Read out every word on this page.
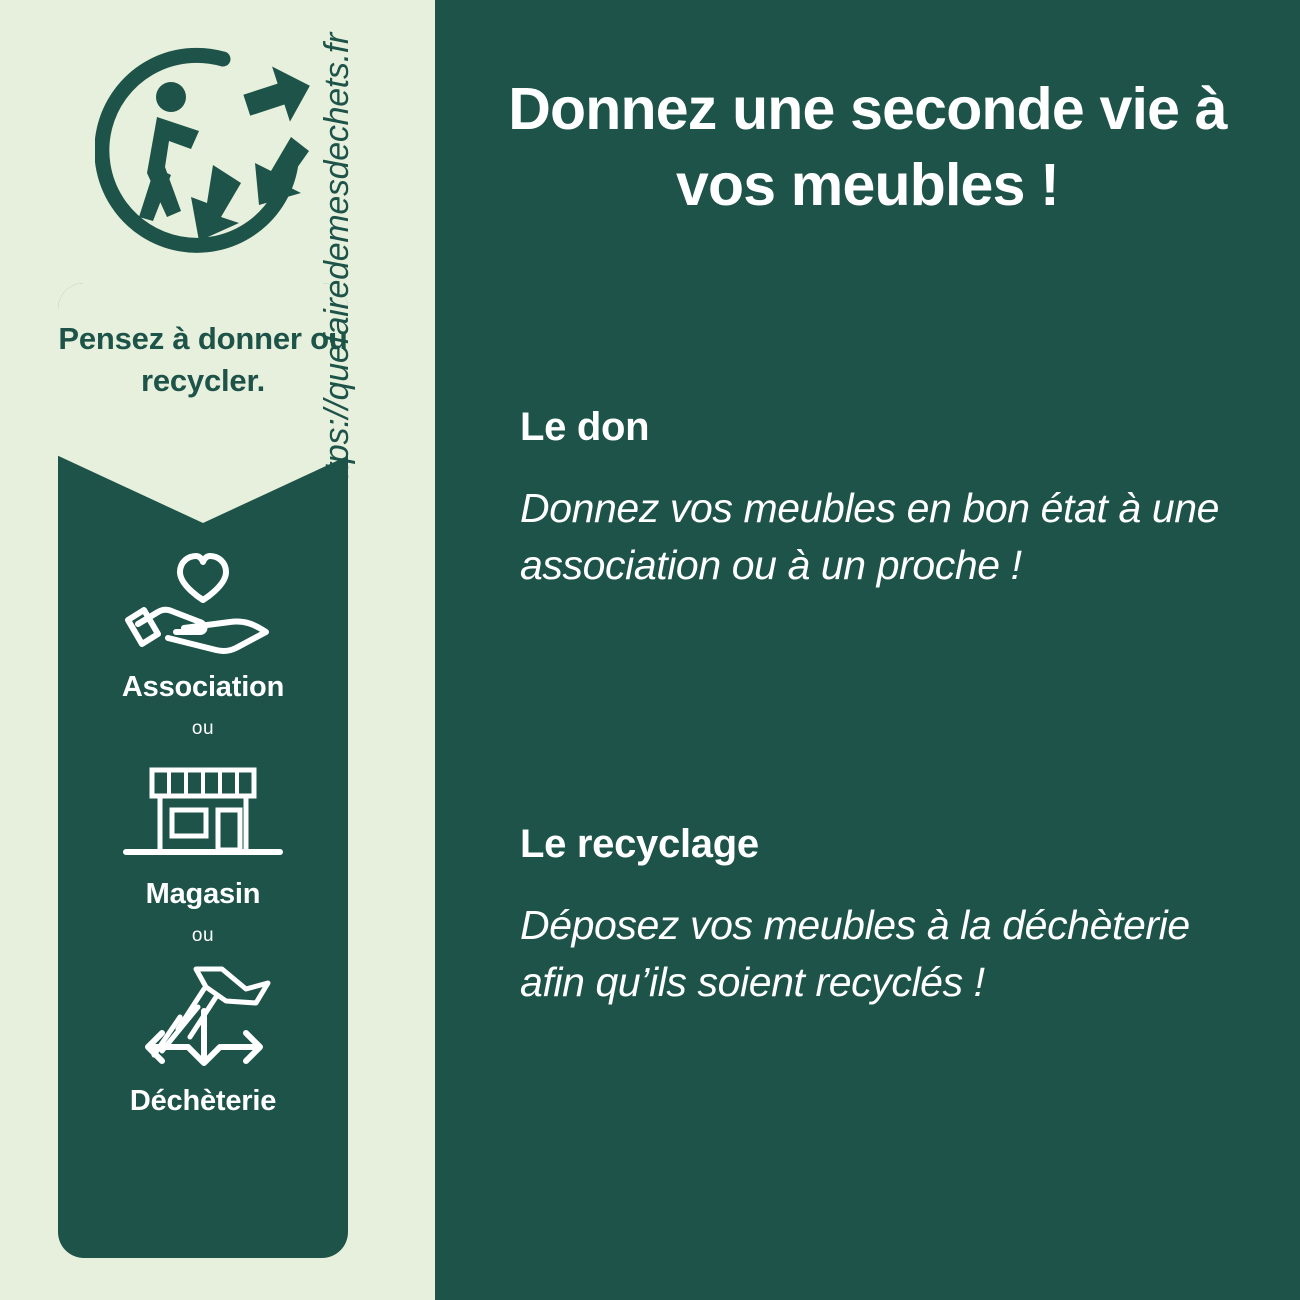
Pensez à donner ou recycler.
Association
ou
Magasin
ou
Déchèterie
https://quefairedemesdechets.fr	Donnez une seconde vie à vos meubles !
Le don
Donnez vos meubles en bon état à une association ou à un proche !
Le recyclage
Déposez vos meubles à la déchèterie afin qu’ils soient recyclés !
